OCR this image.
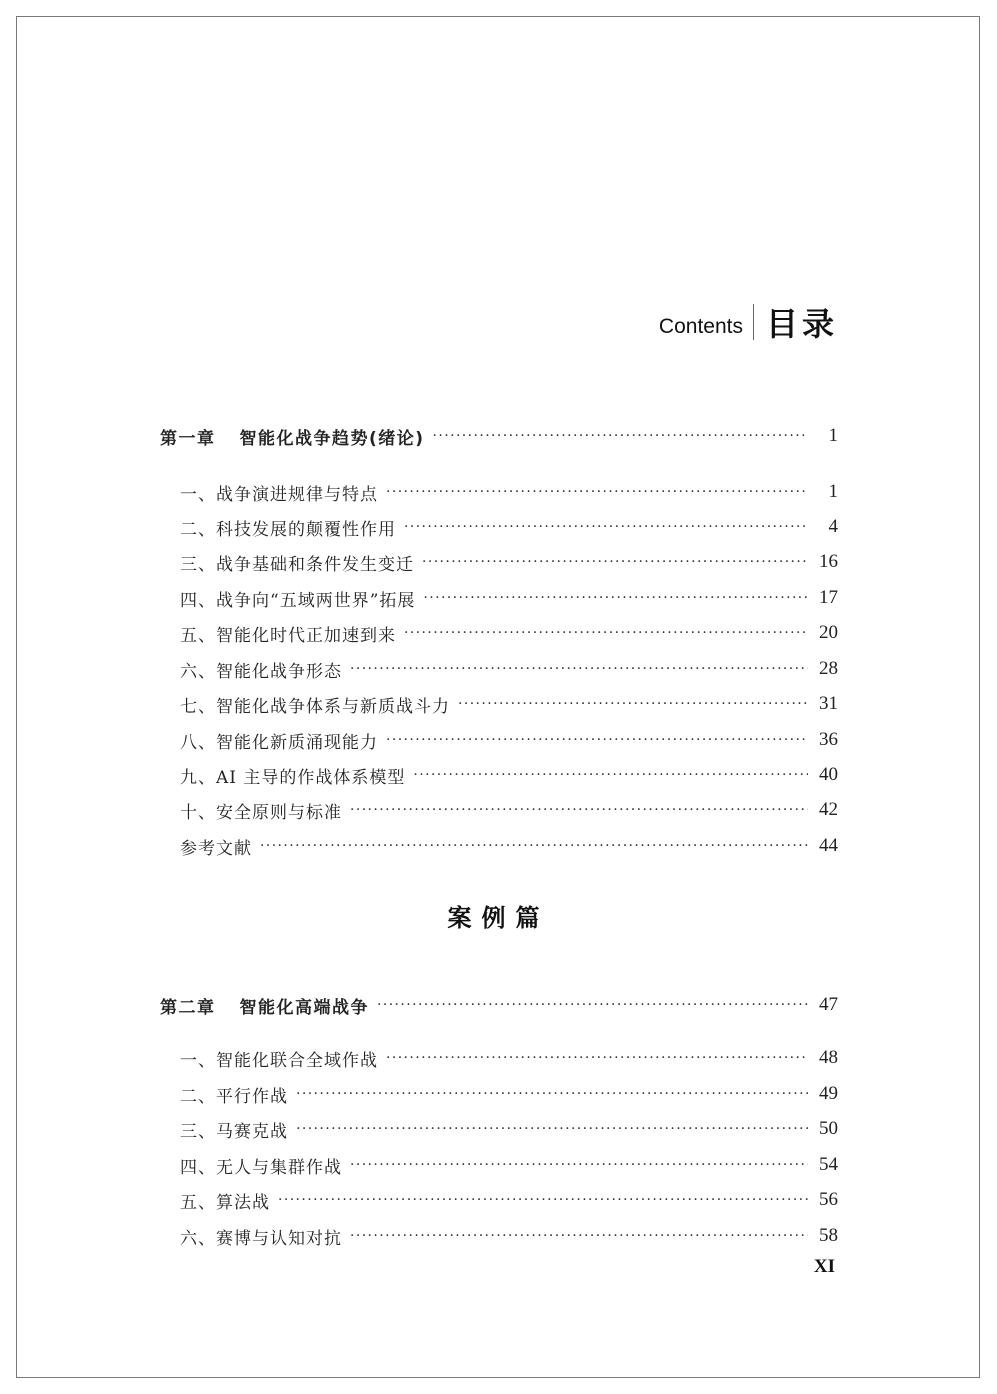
Contents 目录
第一章 智能化战争趋势(绪论) ·····	1
一、战争演进规律与特点 ·····	1
二、科技发展的颠覆性作用 ·····	4
三、战争基础和条件发生变迁 ·····	16
四、战争向“五域两世界”拓展 ·····	17
五、智能化时代正加速到来 ·····	20
六、智能化战争形态 ·····	28
七、智能化战争体系与新质战斗力 ·····	31
八、智能化新质涌现能力 ·····	36
九、AI 主导的作战体系模型 ·····	40
十、安全原则与标准 ·····	42
参考文献 ·····	44
案例篇
第二章 智能化高端战争 ·····	47
一、智能化联合全域作战 ·····	48
二、平行作战 ·····	49
三、马赛克战 ·····	50
四、无人与集群作战 ·····	54
五、算法战 ·····	56
六、赛博与认知对抗 ·····	58
XI
